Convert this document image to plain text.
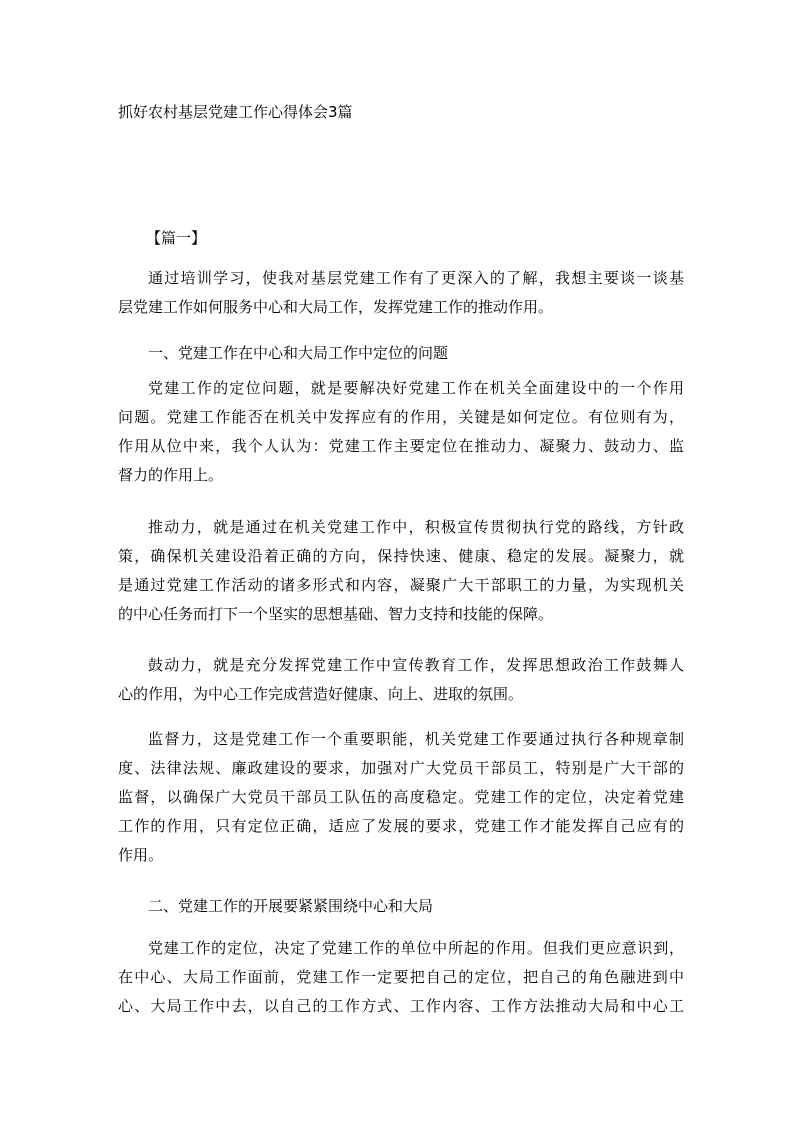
抓好农村基层党建工作心得体会3篇
【篇一】
通过培训学习，使我对基层党建工作有了更深入的了解，我想主要谈一谈基
层党建工作如何服务中心和大局工作，发挥党建工作的推动作用。
一、党建工作在中心和大局工作中定位的问题
党建工作的定位问题，就是要解决好党建工作在机关全面建设中的一个作用
问题。党建工作能否在机关中发挥应有的作用，关键是如何定位。有位则有为，
作用从位中来，我个人认为：党建工作主要定位在推动力、凝聚力、鼓动力、监
督力的作用上。
推动力，就是通过在机关党建工作中，积极宣传贯彻执行党的路线，方针政
策，确保机关建设沿着正确的方向，保持快速、健康、稳定的发展。凝聚力，就
是通过党建工作活动的诸多形式和内容，凝聚广大干部职工的力量，为实现机关
的中心任务而打下一个坚实的思想基础、智力支持和技能的保障。
鼓动力，就是充分发挥党建工作中宣传教育工作，发挥思想政治工作鼓舞人
心的作用，为中心工作完成营造好健康、向上、进取的氛围。
监督力，这是党建工作一个重要职能，机关党建工作要通过执行各种规章制
度、法律法规、廉政建设的要求，加强对广大党员干部员工，特别是广大干部的
监督，以确保广大党员干部员工队伍的高度稳定。党建工作的定位，决定着党建
工作的作用，只有定位正确，适应了发展的要求，党建工作才能发挥自己应有的
作用。
二、党建工作的开展要紧紧围绕中心和大局
党建工作的定位，决定了党建工作的单位中所起的作用。但我们更应意识到，
在中心、大局工作面前，党建工作一定要把自己的定位，把自己的角色融进到中
心、大局工作中去，以自己的工作方式、工作内容、工作方法推动大局和中心工
